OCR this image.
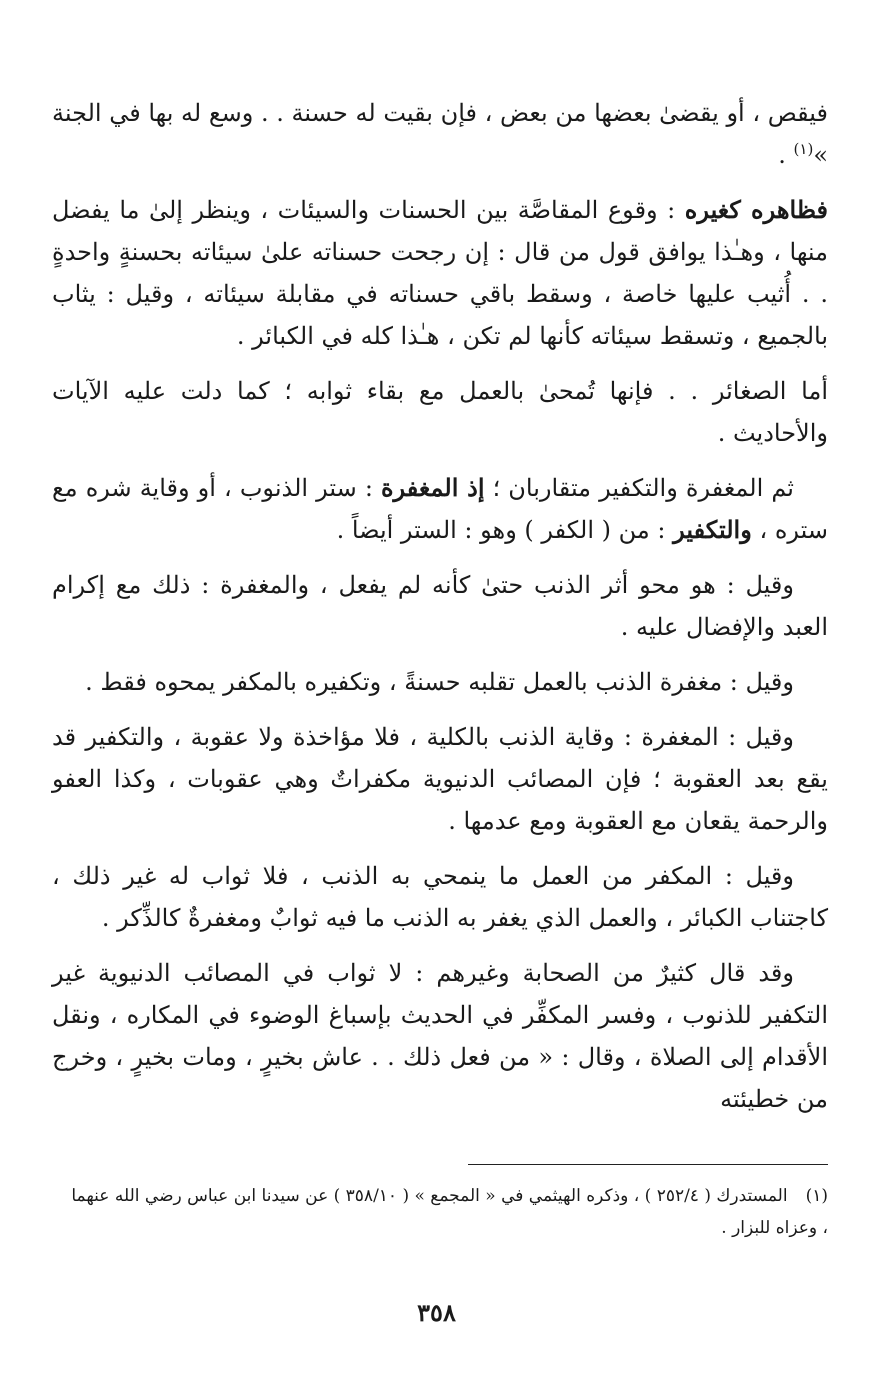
فيقص ، أو يقضىٰ بعضها من بعض ، فإن بقيت له حسنة . . وسع له بها في الجنة »$^{(١)}$ .

فظاهره كغيره : وقوع المقاصَّة بين الحسنات والسيئات ، وينظر إلىٰ ما يفضل منها ، وهـٰذا يوافق قول من قال : إن رجحت حسناته علىٰ سيئاته بحسنةٍ واحدةٍ . . أُثيب عليها خاصة ، وسقط باقي حسناته في مقابلة سيئاته ، وقيل : يثاب بالجميع ، وتسقط سيئاته كأنها لم تكن ، هـٰذا كله في الكبائر .

أما الصغائر . . فإنها تُمحىٰ بالعمل مع بقاء ثوابه ؛ كما دلت عليه الآيات والأحاديث .

ثم المغفرة والتكفير متقاربان ؛ إذ المغفرة : ستر الذنوب ، أو وقاية شره مع ستره ، والتكفير : من ( الكفر ) وهو : الستر أيضاً .

وقيل : هو محو أثر الذنب حتىٰ كأنه لم يفعل ، والمغفرة : ذلك مع إكرام العبد والإفضال عليه .

وقيل : مغفرة الذنب بالعمل تقلبه حسنةً ، وتكفيره بالمكفر يمحوه فقط .

وقيل : المغفرة : وقاية الذنب بالكلية ، فلا مؤاخذة ولا عقوبة ، والتكفير قد يقع بعد العقوبة ؛ فإن المصائب الدنيوية مكفراتٌ وهي عقوبات ، وكذا العفو والرحمة يقعان مع العقوبة ومع عدمها .

وقيل : المكفر من العمل ما ينمحي به الذنب ، فلا ثواب له غير ذلك ، كاجتناب الكبائر ، والعمل الذي يغفر به الذنب ما فيه ثوابٌ ومغفرةٌ كالذِّكر .

وقد قال كثيرٌ من الصحابة وغيرهم : لا ثواب في المصائب الدنيوية غير التكفير للذنوب ، وفسر المكفِّر في الحديث بإسباغ الوضوء في المكاره ، ونقل الأقدام إلى الصلاة ، وقال : « من فعل ذلك . . عاش بخيرٍ ، ومات بخيرٍ ، وخرج من خطيئته

(١)المستدرك ( ٢٥٢/٤ ) ، وذكره الهيثمي في « المجمع » ( ٣٥٨/١٠ ) عن سيدنا ابن عباس رضي الله عنهما ، وعزاه للبزار .
٣٥٨
